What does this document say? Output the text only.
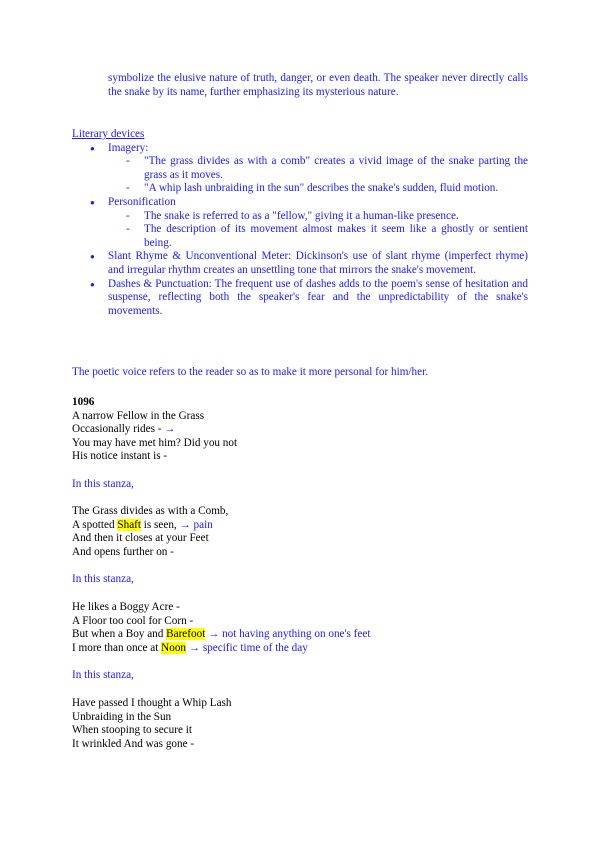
symbolize the elusive nature of truth, danger, or even death. The speaker never directly calls the snake by its name, further emphasizing its mysterious nature.
Literary devices
● Imagery:
- "The grass divides as with a comb" creates a vivid image of the snake parting the grass as it moves.
- "A whip lash unbraiding in the sun" describes the snake's sudden, fluid motion.
● Personification
- The snake is referred to as a "fellow," giving it a human-like presence.
- The description of its movement almost makes it seem like a ghostly or sentient being.
● Slant Rhyme & Unconventional Meter: Dickinson's use of slant rhyme (imperfect rhyme) and irregular rhythm creates an unsettling tone that mirrors the snake's movement.
● Dashes & Punctuation: The frequent use of dashes adds to the poem's sense of hesitation and suspense, reflecting both the speaker's fear and the unpredictability of the snake's movements.
The poetic voice refers to the reader so as to make it more personal for him/her.
1096
A narrow Fellow in the Grass
Occasionally rides - →
You may have met him? Did you not
His notice instant is -
In this stanza,
The Grass divides as with a Comb,
A spotted Shaft is seen, → pain
And then it closes at your Feet
And opens further on -
In this stanza,
He likes a Boggy Acre -
A Floor too cool for Corn -
But when a Boy and Barefoot → not having anything on one's feet
I more than once at Noon → specific time of the day
In this stanza,
Have passed I thought a Whip Lash
Unbraiding in the Sun
When stooping to secure it
It wrinkled And was gone -
